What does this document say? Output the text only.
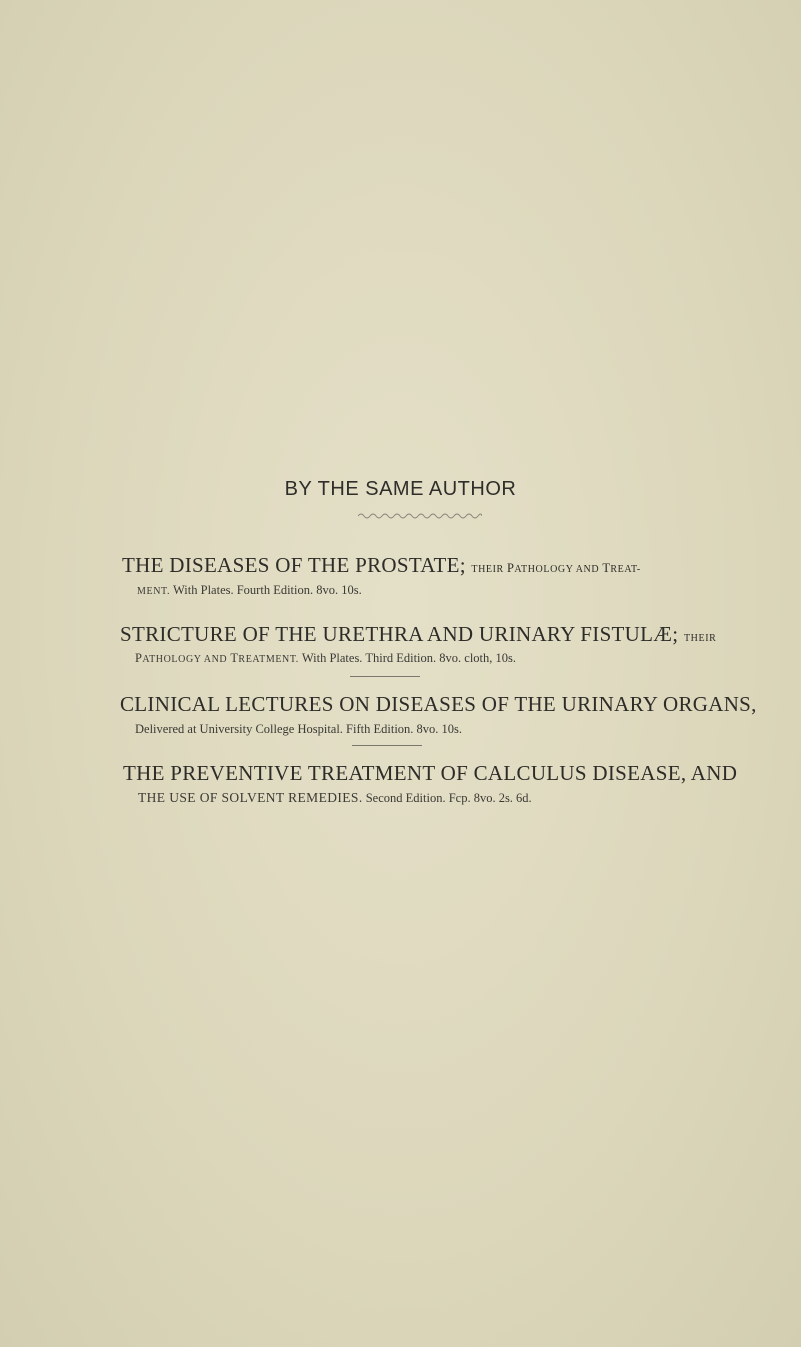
BY THE SAME AUTHOR
THE DISEASES OF THE PROSTATE; THEIR PATHOLOGY AND TREAT-
MENT. With Plates. Fourth Edition. 8vo. 10s.
STRICTURE OF THE URETHRA AND URINARY FISTULÆ; THEIR
PATHOLOGY AND TREATMENT. With Plates. Third Edition. 8vo. cloth, 10s.
CLINICAL LECTURES ON DISEASES OF THE URINARY ORGANS,
Delivered at University College Hospital. Fifth Edition. 8vo. 10s.
THE PREVENTIVE TREATMENT OF CALCULUS DISEASE, AND
THE USE OF SOLVENT REMEDIES. Second Edition. Fcp. 8vo. 2s. 6d.
